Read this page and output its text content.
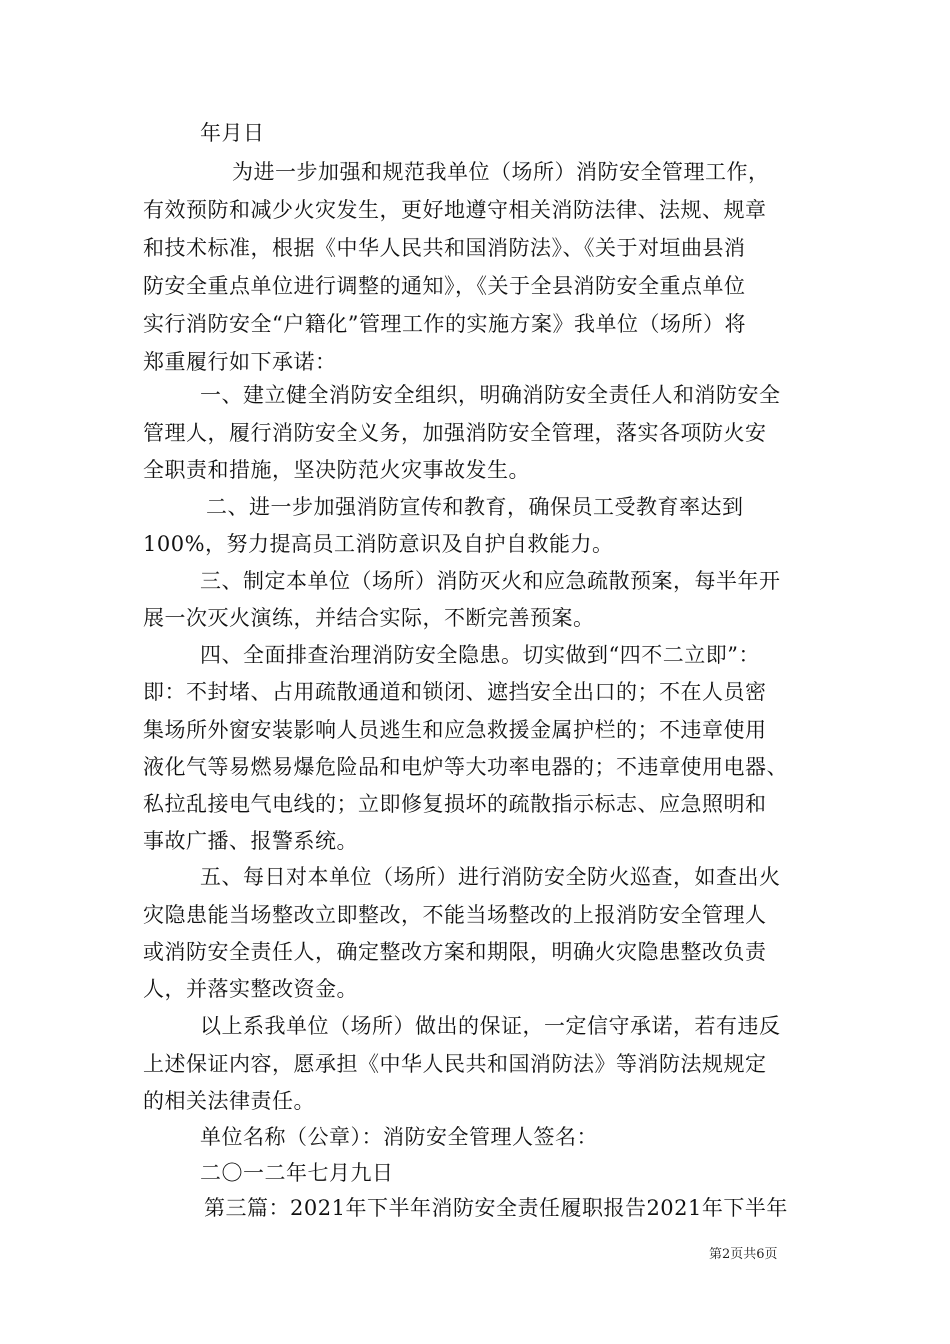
年月日
为进一步加强和规范我单位（场所）消防安全管理工作，
有效预防和减少火灾发生，更好地遵守相关消防法律、法规、规章
和技术标准，根据《中华人民共和国消防法》、《关于对垣曲县消
防安全重点单位进行调整的通知》，《关于全县消防安全重点单位
实行消防安全“户籍化”管理工作的实施方案》我单位（场所）将
郑重履行如下承诺：
一、建立健全消防安全组织，明确消防安全责任人和消防安全
管理人，履行消防安全义务，加强消防安全管理，落实各项防火安
全职责和措施，坚决防范火灾事故发生。
二、进一步加强消防宣传和教育，确保员工受教育率达到
100%，努力提高员工消防意识及自护自救能力。
三、制定本单位（场所）消防灭火和应急疏散预案，每半年开
展一次灭火演练，并结合实际，不断完善预案。
四、全面排查治理消防安全隐患。切实做到“四不二立即”：
即：不封堵、占用疏散通道和锁闭、遮挡安全出口的；不在人员密
集场所外窗安装影响人员逃生和应急救援金属护栏的；不违章使用
液化气等易燃易爆危险品和电炉等大功率电器的；不违章使用电器、
私拉乱接电气电线的；立即修复损坏的疏散指示标志、应急照明和
事故广播、报警系统。
五、每日对本单位（场所）进行消防安全防火巡查，如查出火
灾隐患能当场整改立即整改，不能当场整改的上报消防安全管理人
或消防安全责任人，确定整改方案和期限，明确火灾隐患整改负责
人，并落实整改资金。
以上系我单位（场所）做出的保证，一定信守承诺，若有违反
上述保证内容，愿承担《中华人民共和国消防法》等消防法规规定
的相关法律责任。
单位名称（公章）：消防安全管理人签名：
二〇一二年七月九日
第三篇：2021年下半年消防安全责任履职报告2021年下半年
第2页共6页
